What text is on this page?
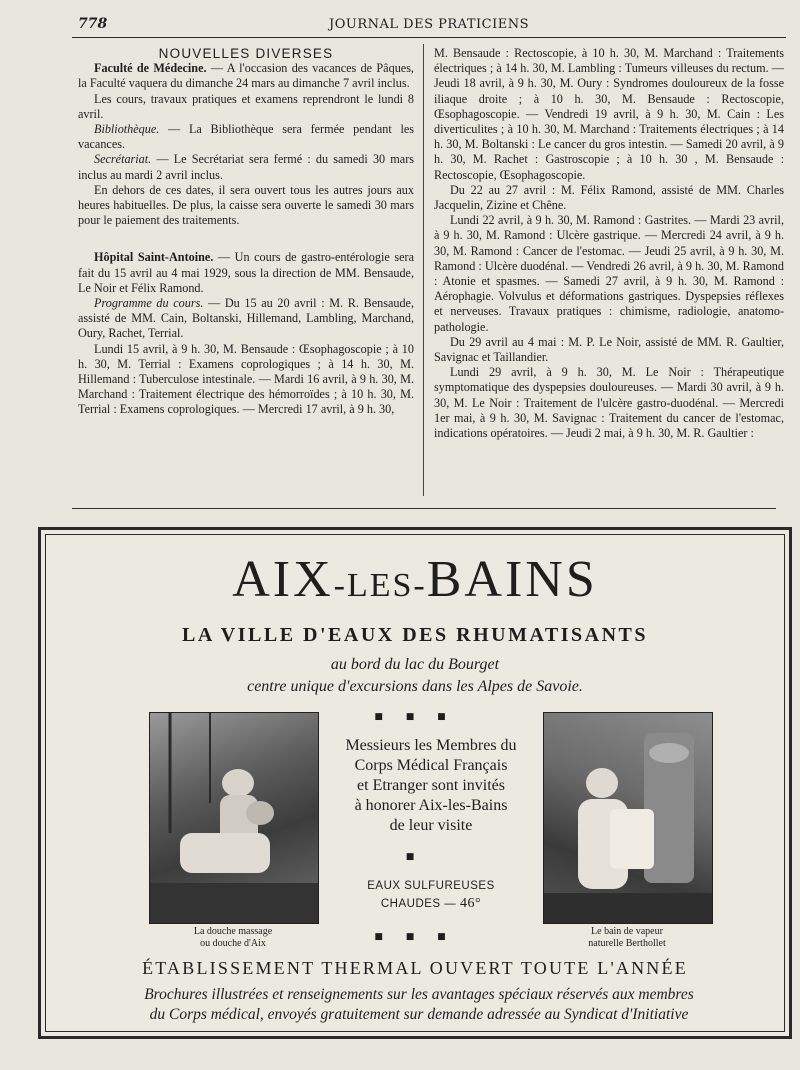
778	JOURNAL DES PRATICIENS

NOUVELLES DIVERSES

Faculté de Médecine. — A l'occasion des vacances de Pâques, la Faculté vaquera du dimanche 24 mars au dimanche 7 avril inclus.

Les cours, travaux pratiques et examens reprendront le lundi 8 avril.

Bibliothèque. — La Bibliothèque sera fermée pendant les vacances.

Secrétariat. — Le Secrétariat sera fermé : du samedi 30 mars inclus au mardi 2 avril inclus.

En dehors de ces dates, il sera ouvert tous les autres jours aux heures habituelles. De plus, la caisse sera ouverte le samedi 30 mars pour le paiement des traitements.

Hôpital Saint-Antoine. — Un cours de gastro-entérologie sera fait du 15 avril au 4 mai 1929, sous la direction de MM. Bensaude, Le Noir et Félix Ramond.

Programme du cours. — Du 15 au 20 avril : M. R. Bensaude, assisté de MM. Cain, Boltanski, Hillemand, Lambling, Marchand, Oury, Rachet, Terrial.

Lundi 15 avril, à 9 h. 30, M. Bensaude : Œsophagoscopie ; à 10 h. 30, M. Terrial : Examens coprologiques ; à 14 h. 30, M. Hillemand : Tuberculose intestinale. — Mardi 16 avril, à 9 h. 30, M. Marchand : Traitement électrique des hémorroïdes ; à 10 h. 30, M. Terrial : Examens coprologiques. — Mercredi 17 avril, à 9 h. 30,

M. Bensaude : Rectoscopie, à 10 h. 30, M. Marchand : Traitements électriques ; à 14 h. 30, M. Lambling : Tumeurs villeuses du rectum. — Jeudi 18 avril, à 9 h. 30, M. Oury : Syndromes douloureux de la fosse iliaque droite ; à 10 h. 30, M. Bensaude : Rectoscopie, Œsophagoscopie. — Vendredi 19 avril, à 9 h. 30, M. Cain : Les diverticulites ; à 10 h. 30, M. Marchand : Traitements électriques ; à 14 h. 30, M. Boltanski : Le cancer du gros intestin. — Samedi 20 avril, à 9 h. 30, M. Rachet : Gastroscopie ; à 10 h. 30 , M. Bensaude : Rectoscopie, Œsophagoscopie.

Du 22 au 27 avril : M. Félix Ramond, assisté de MM. Charles Jacquelin, Zizine et Chêne.

Lundi 22 avril, à 9 h. 30, M. Ramond : Gastrites. — Mardi 23 avril, à 9 h. 30, M. Ramond : Ulcère gastrique. — Mercredi 24 avril, à 9 h. 30, M. Ramond : Cancer de l'estomac. — Jeudi 25 avril, à 9 h. 30, M. Ramond : Ulcère duodénal. — Vendredi 26 avril, à 9 h. 30, M. Ramond : Atonie et spasmes. — Samedi 27 avril, à 9 h. 30, M. Ramond : Aérophagie. Volvulus et déformations gastriques. Dyspepsies réflexes et nerveuses. Travaux pratiques : chimisme, radiologie, anatomo-pathologie.

Du 29 avril au 4 mai : M. P. Le Noir, assisté de MM. R. Gaultier, Savignac et Taillandier.

Lundi 29 avril, à 9 h. 30, M. Le Noir : Thérapeutique symptomatique des dyspepsies douloureuses. — Mardi 30 avril, à 9 h. 30, M. Le Noir : Traitement de l'ulcère gastro-duodénal. — Mercredi 1er mai, à 9 h. 30, M. Savignac : Traitement du cancer de l'estomac, indications opératoires. — Jeudi 2 mai, à 9 h. 30, M. R. Gaultier :

AIX-LES-BAINS
LA VILLE D'EAUX DES RHUMATISANTS
au bord du lac du Bourget
centre unique d'excursions dans les Alpes de Savoie.
La douche massage
ou douche d'Aix
Le bain de vapeur
naturelle Berthollet
■ ■ ■
Messieurs les Membres du
Corps Médical Français
et Etranger sont invités
à honorer Aix-les-Bains
de leur visite
■
EAUX SULFUREUSES
CHAUDES — 46°
■ ■ ■
ÉTABLISSEMENT THERMAL OUVERT TOUTE L'ANNÉE
Brochures illustrées et renseignements sur les avantages spéciaux réservés aux membres
du Corps médical, envoyés gratuitement sur demande adressée au Syndicat d'Initiative
